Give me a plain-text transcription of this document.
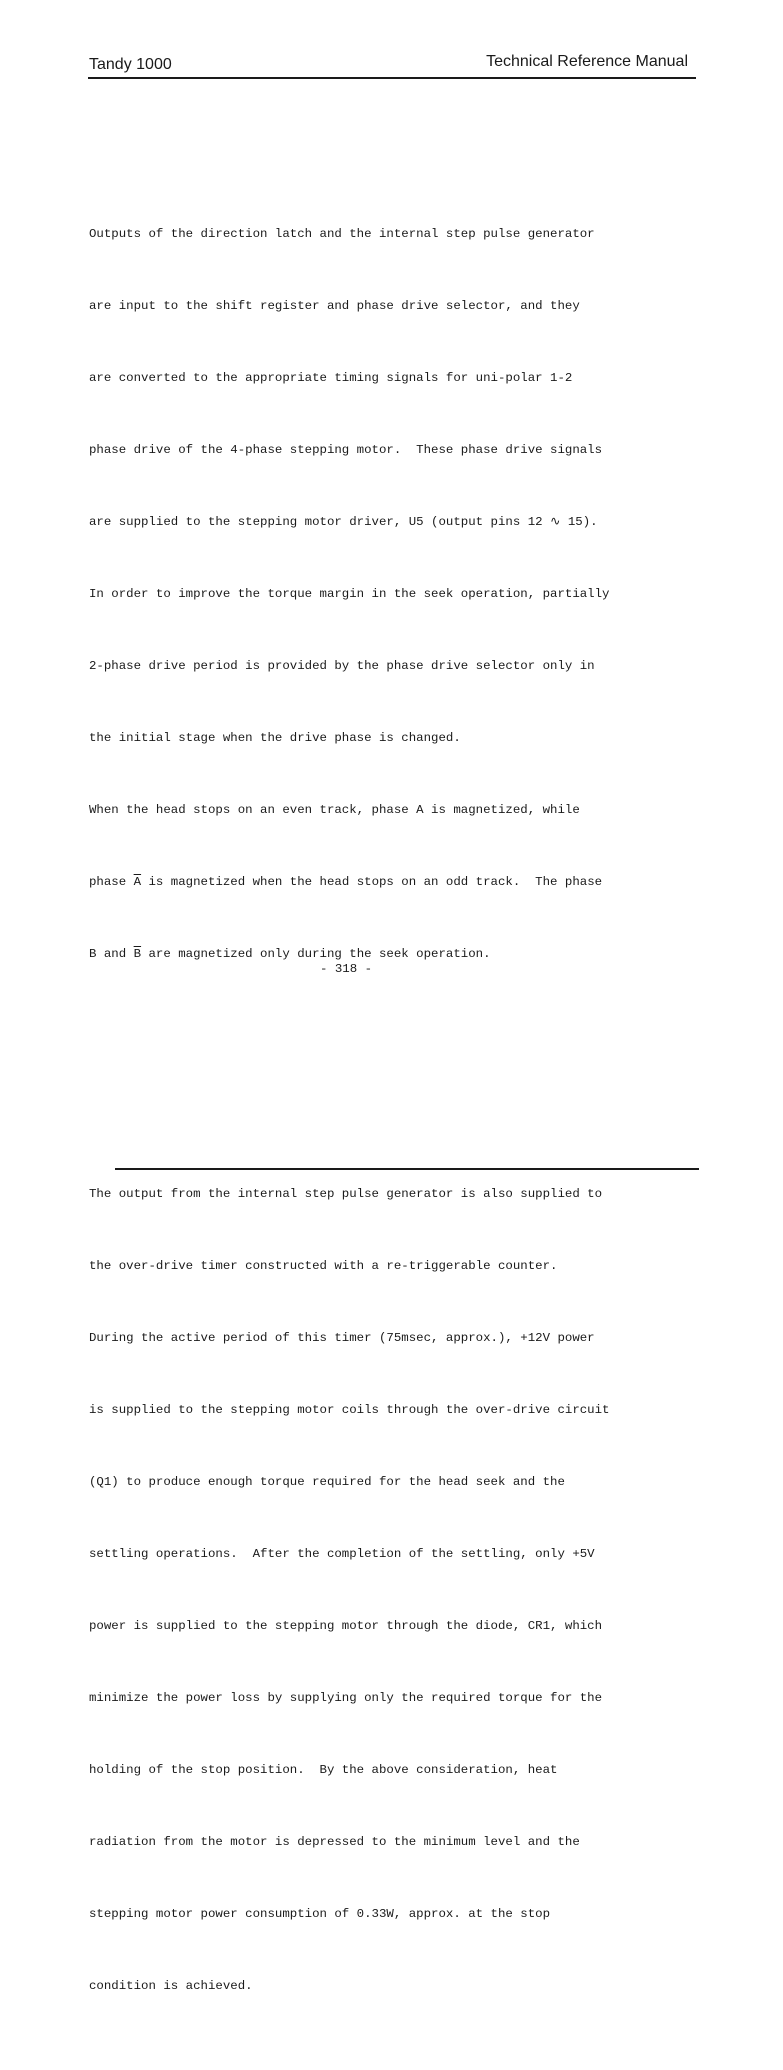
Tandy 1000	Technical Reference Manual

Outputs of the direction latch and the internal step pulse generator

are input to the shift register and phase drive selector, and they

are converted to the appropriate timing signals for uni-polar 1-2

phase drive of the 4-phase stepping motor.  These phase drive signals

are supplied to the stepping motor driver, U5 (output pins 12 ∿ 15).

In order to improve the torque margin in the seek operation, partially

2-phase drive period is provided by the phase drive selector only in

the initial stage when the drive phase is changed.

When the head stops on an even track, phase A is magnetized, while

phase $\overline{A}$ is magnetized when the head stops on an odd track.  The phase

B and $\overline{B}$ are magnetized only during the seek operation.

The output from the internal step pulse generator is also supplied to

the over-drive timer constructed with a re-triggerable counter.

During the active period of this timer (75msec, approx.), +12V power

is supplied to the stepping motor coils through the over-drive circuit

(Q1) to produce enough torque required for the head seek and the

settling operations.  After the completion of the settling, only +5V

power is supplied to the stepping motor through the diode, CR1, which

minimize the power loss by supplying only the required torque for the

holding of the stop position.  By the above consideration, heat

radiation from the motor is depressed to the minimum level and the

stepping motor power consumption of 0.33W, approx. at the stop

condition is achieved.

- 318 -
